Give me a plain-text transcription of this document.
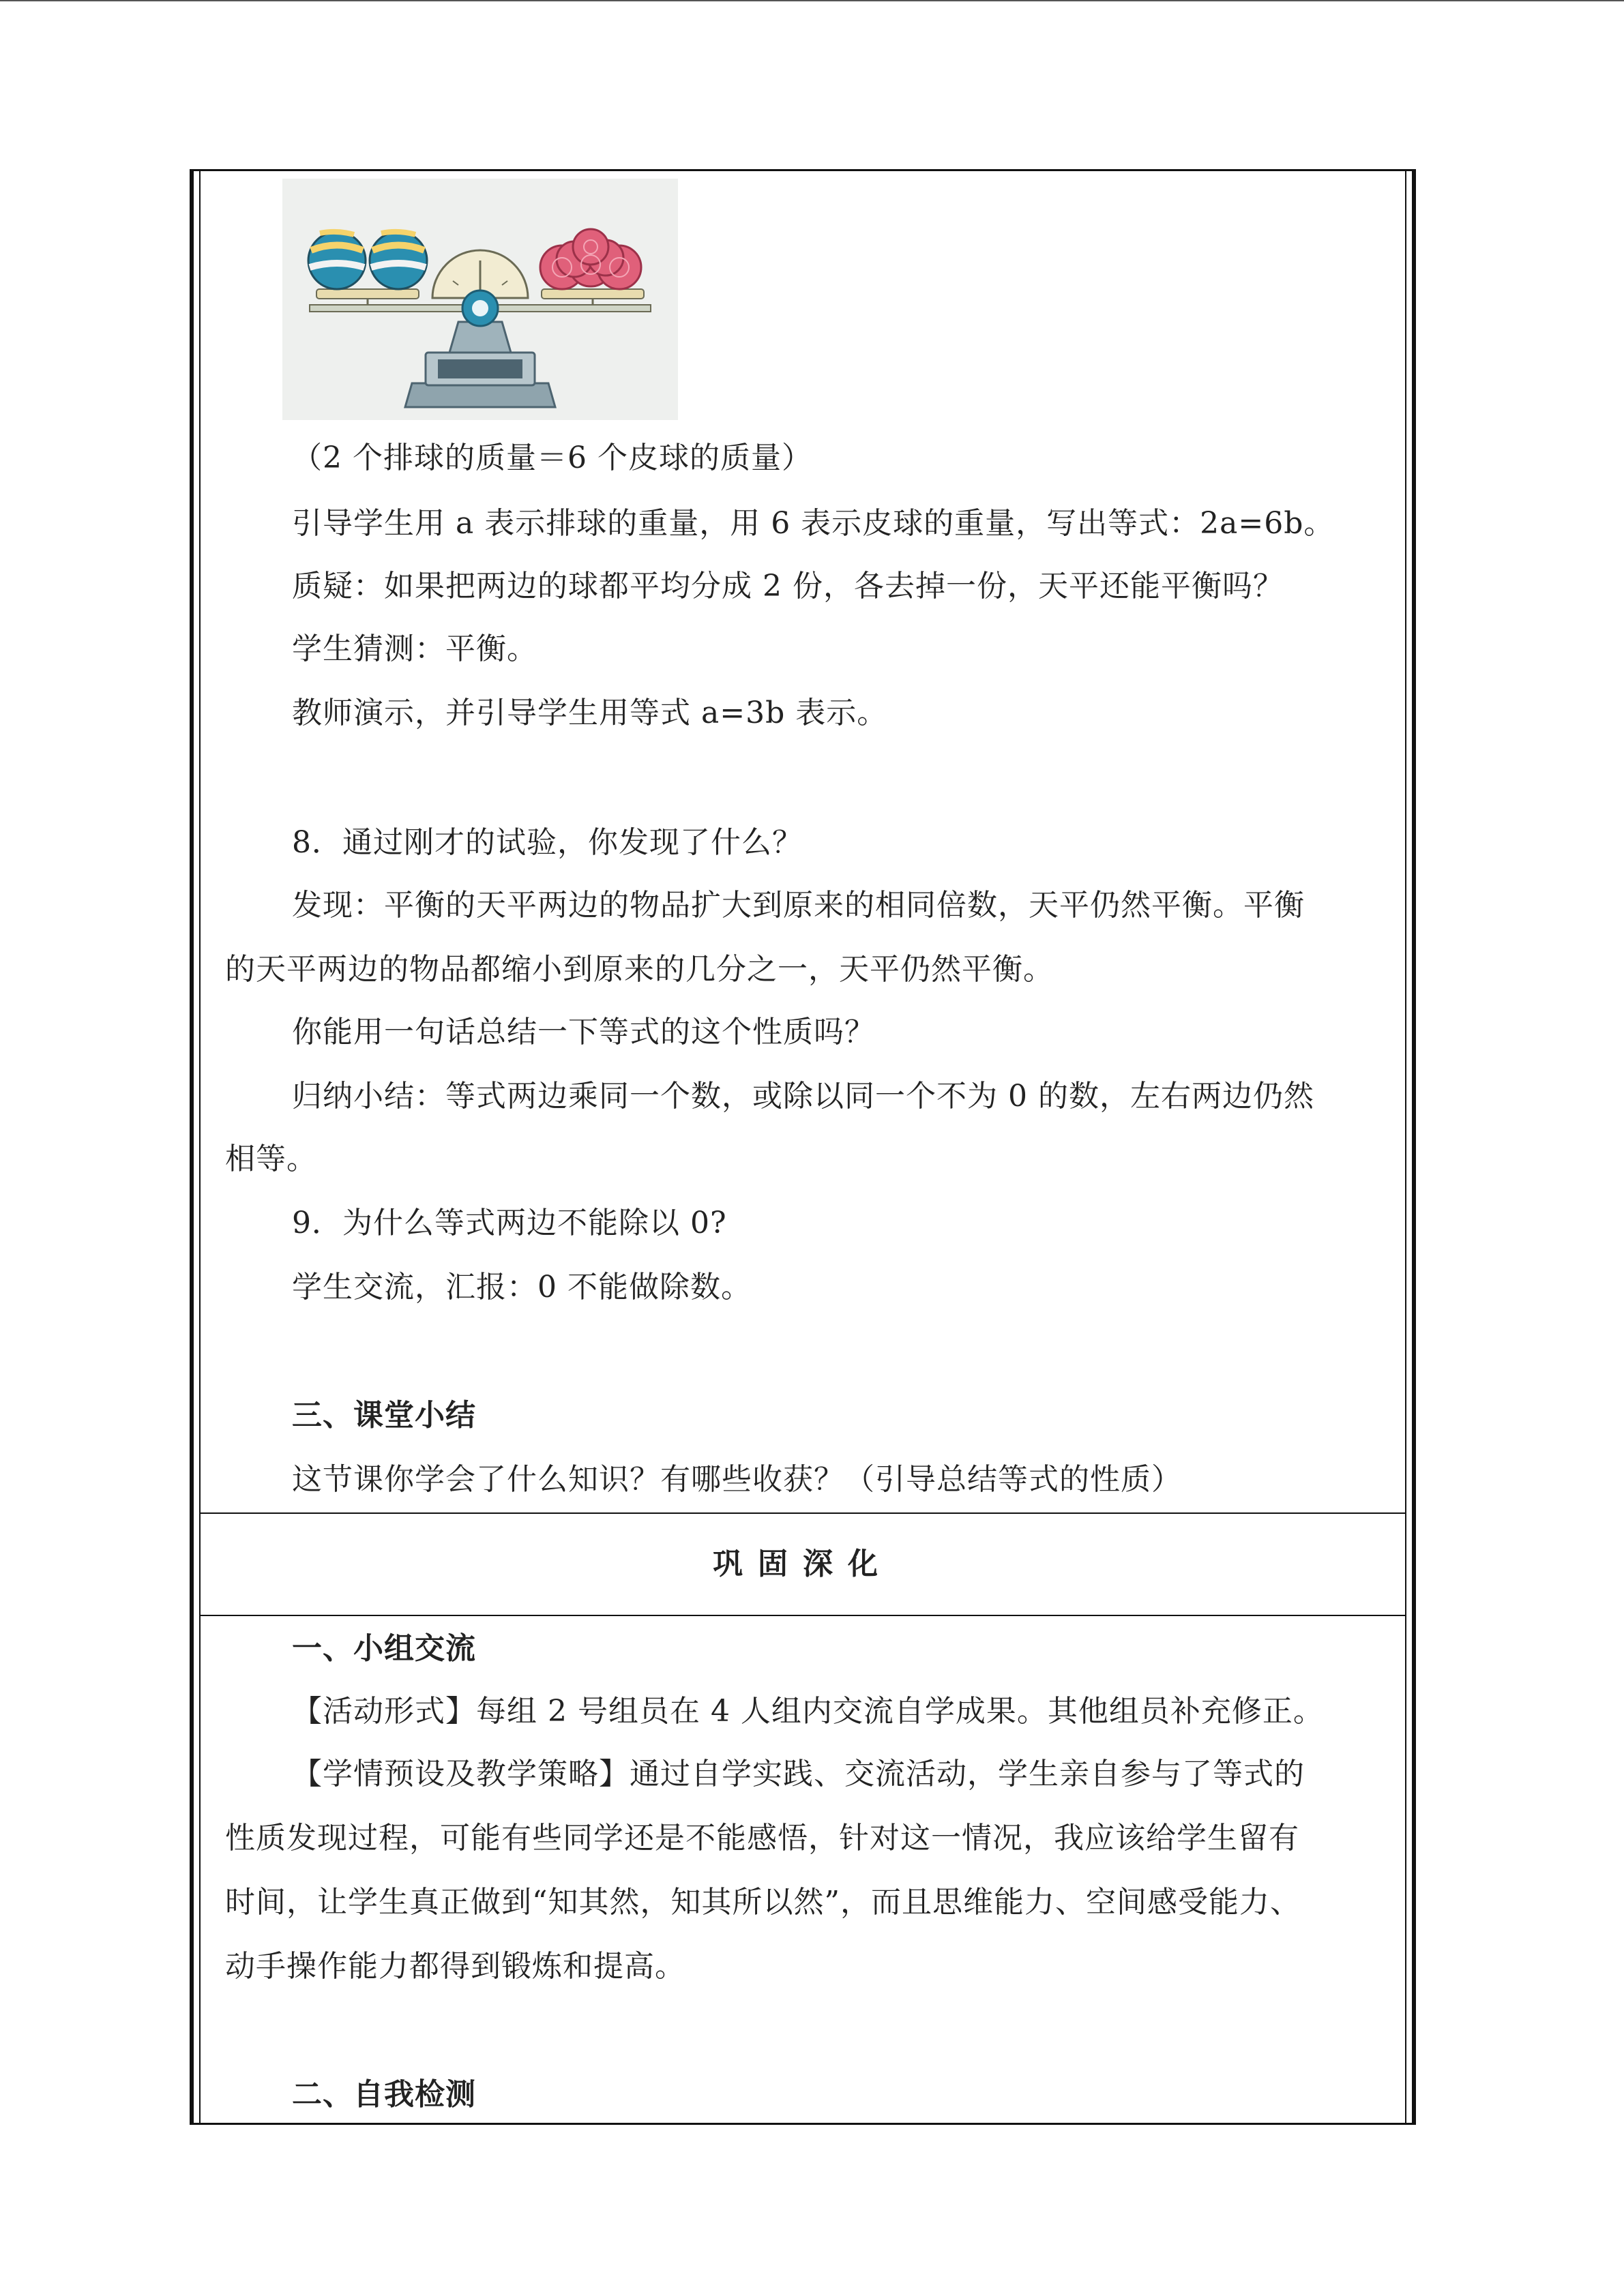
（2 个排球的质量＝6 个皮球的质量）
引导学生用 a 表示排球的重量，用 6 表示皮球的重量，写出等式：2a=6b。
质疑：如果把两边的球都平均分成 2 份，各去掉一份，天平还能平衡吗？
学生猜测：平衡。
教师演示，并引导学生用等式 a=3b 表示。
8．通过刚才的试验，你发现了什么？
发现：平衡的天平两边的物品扩大到原来的相同倍数，天平仍然平衡。平衡
的天平两边的物品都缩小到原来的几分之一，天平仍然平衡。
你能用一句话总结一下等式的这个性质吗？
归纳小结：等式两边乘同一个数，或除以同一个不为 0 的数，左右两边仍然
相等。
9．为什么等式两边不能除以 0?
学生交流，汇报：0 不能做除数。
三、课堂小结
这节课你学会了什么知识？有哪些收获？（引导总结等式的性质）
巩固深化
一、小组交流
【活动形式】每组 2 号组员在 4 人组内交流自学成果。其他组员补充修正。
【学情预设及教学策略】通过自学实践、交流活动，学生亲自参与了等式的
性质发现过程，可能有些同学还是不能感悟，针对这一情况，我应该给学生留有
时间，让学生真正做到“知其然，知其所以然”，而且思维能力、空间感受能力、
动手操作能力都得到锻炼和提高。
二、自我检测
